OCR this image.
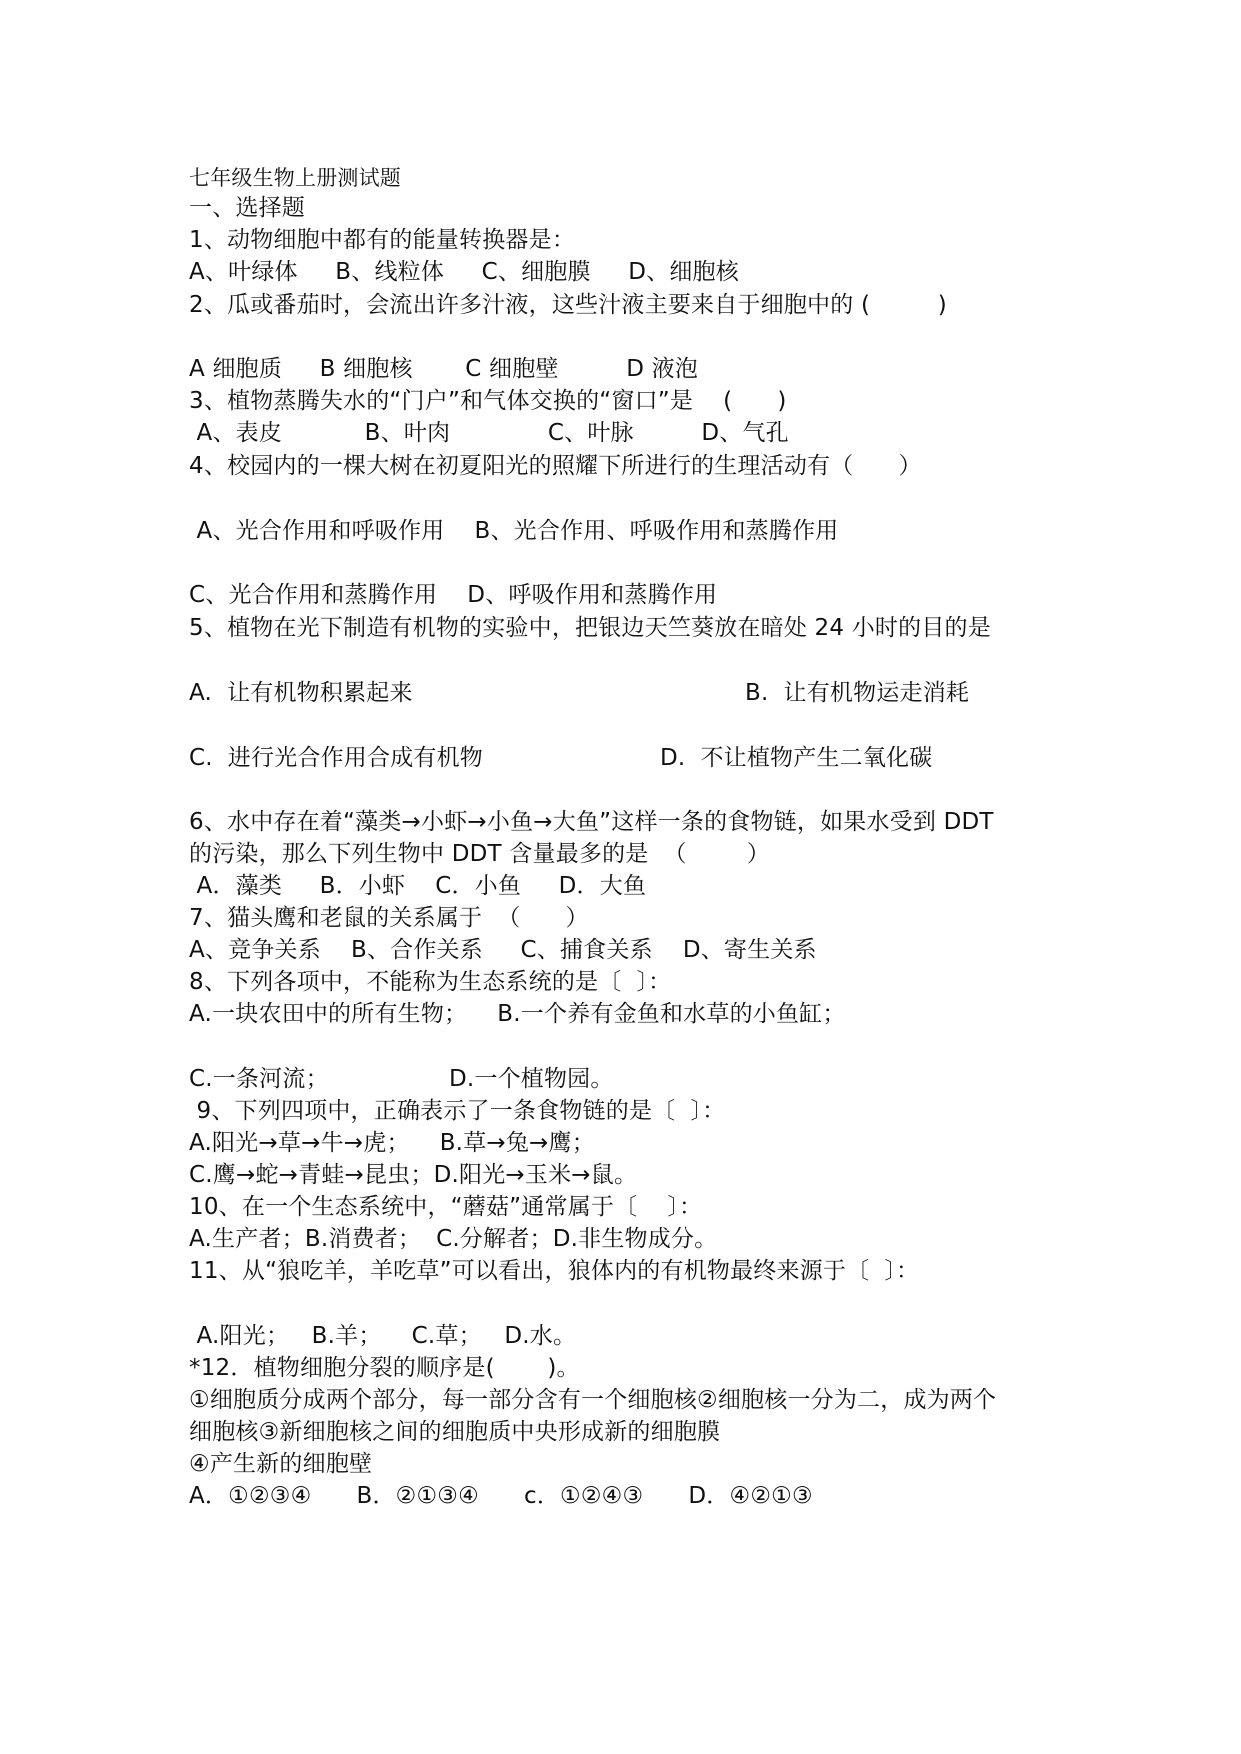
七年级生物上册测试题
一、选择题
1、动物细胞中都有的能量转换器是：
A、叶绿体     B、线粒体     C、细胞膜     D、细胞核
2、瓜或番茄时，会流出许多汁液，这些汁液主要来自于细胞中的 (         )
A 细胞质     B 细胞核       C 细胞壁         D 液泡
3、植物蒸腾失水的“门户”和气体交换的“窗口”是    (      )
A、表皮           B、叶肉             C、叶脉         D、气孔
4、校园内的一棵大树在初夏阳光的照耀下所进行的生理活动有（      ）
A、光合作用和呼吸作用    B、光合作用、呼吸作用和蒸腾作用
C、光合作用和蒸腾作用    D、呼吸作用和蒸腾作用
5、植物在光下制造有机物的实验中，把银边天竺葵放在暗处 24 小时的目的是
A.  让有机物积累起来	B.  让有机物运走消耗
C.  进行光合作用合成有机物	D.  不让植物产生二氧化碳
6、水中存在着“藻类→小虾→小鱼→大鱼”这样一条的食物链，如果水受到 DDT
的污染，那么下列生物中 DDT 含量最多的是  （        ）
A．藻类     B．小虾    C．小鱼     D．大鱼
7、猫头鹰和老鼠的关系属于  （      ）
A、竞争关系    B、合作关系     C、捕食关系    D、寄生关系
8、下列各项中，不能称为生态系统的是〔  〕：
A.一块农田中的所有生物；    B.一个养有金鱼和水草的小鱼缸；
C.一条河流；                D.一个植物园。
9、下列四项中，正确表示了一条食物链的是〔  〕：
A.阳光→草→牛→虎；    B.草→兔→鹰；
C.鹰→蛇→青蛙→昆虫；D.阳光→玉米→鼠。
10、在一个生态系统中，“蘑菇”通常属于〔    〕：
A.生产者；B.消费者；  C.分解者；D.非生物成分。
11、从“狼吃羊，羊吃草”可以看出，狼体内的有机物最终来源于〔  〕：
A.阳光；   B.羊；    C.草；   D.水。
*12．植物细胞分裂的顺序是(       )。
①细胞质分成两个部分，每一部分含有一个细胞核②细胞核一分为二，成为两个
细胞核③新细胞核之间的细胞质中央形成新的细胞膜
④产生新的细胞壁
A．①②③④      B．②①③④      c．①②④③      D．④②①③
